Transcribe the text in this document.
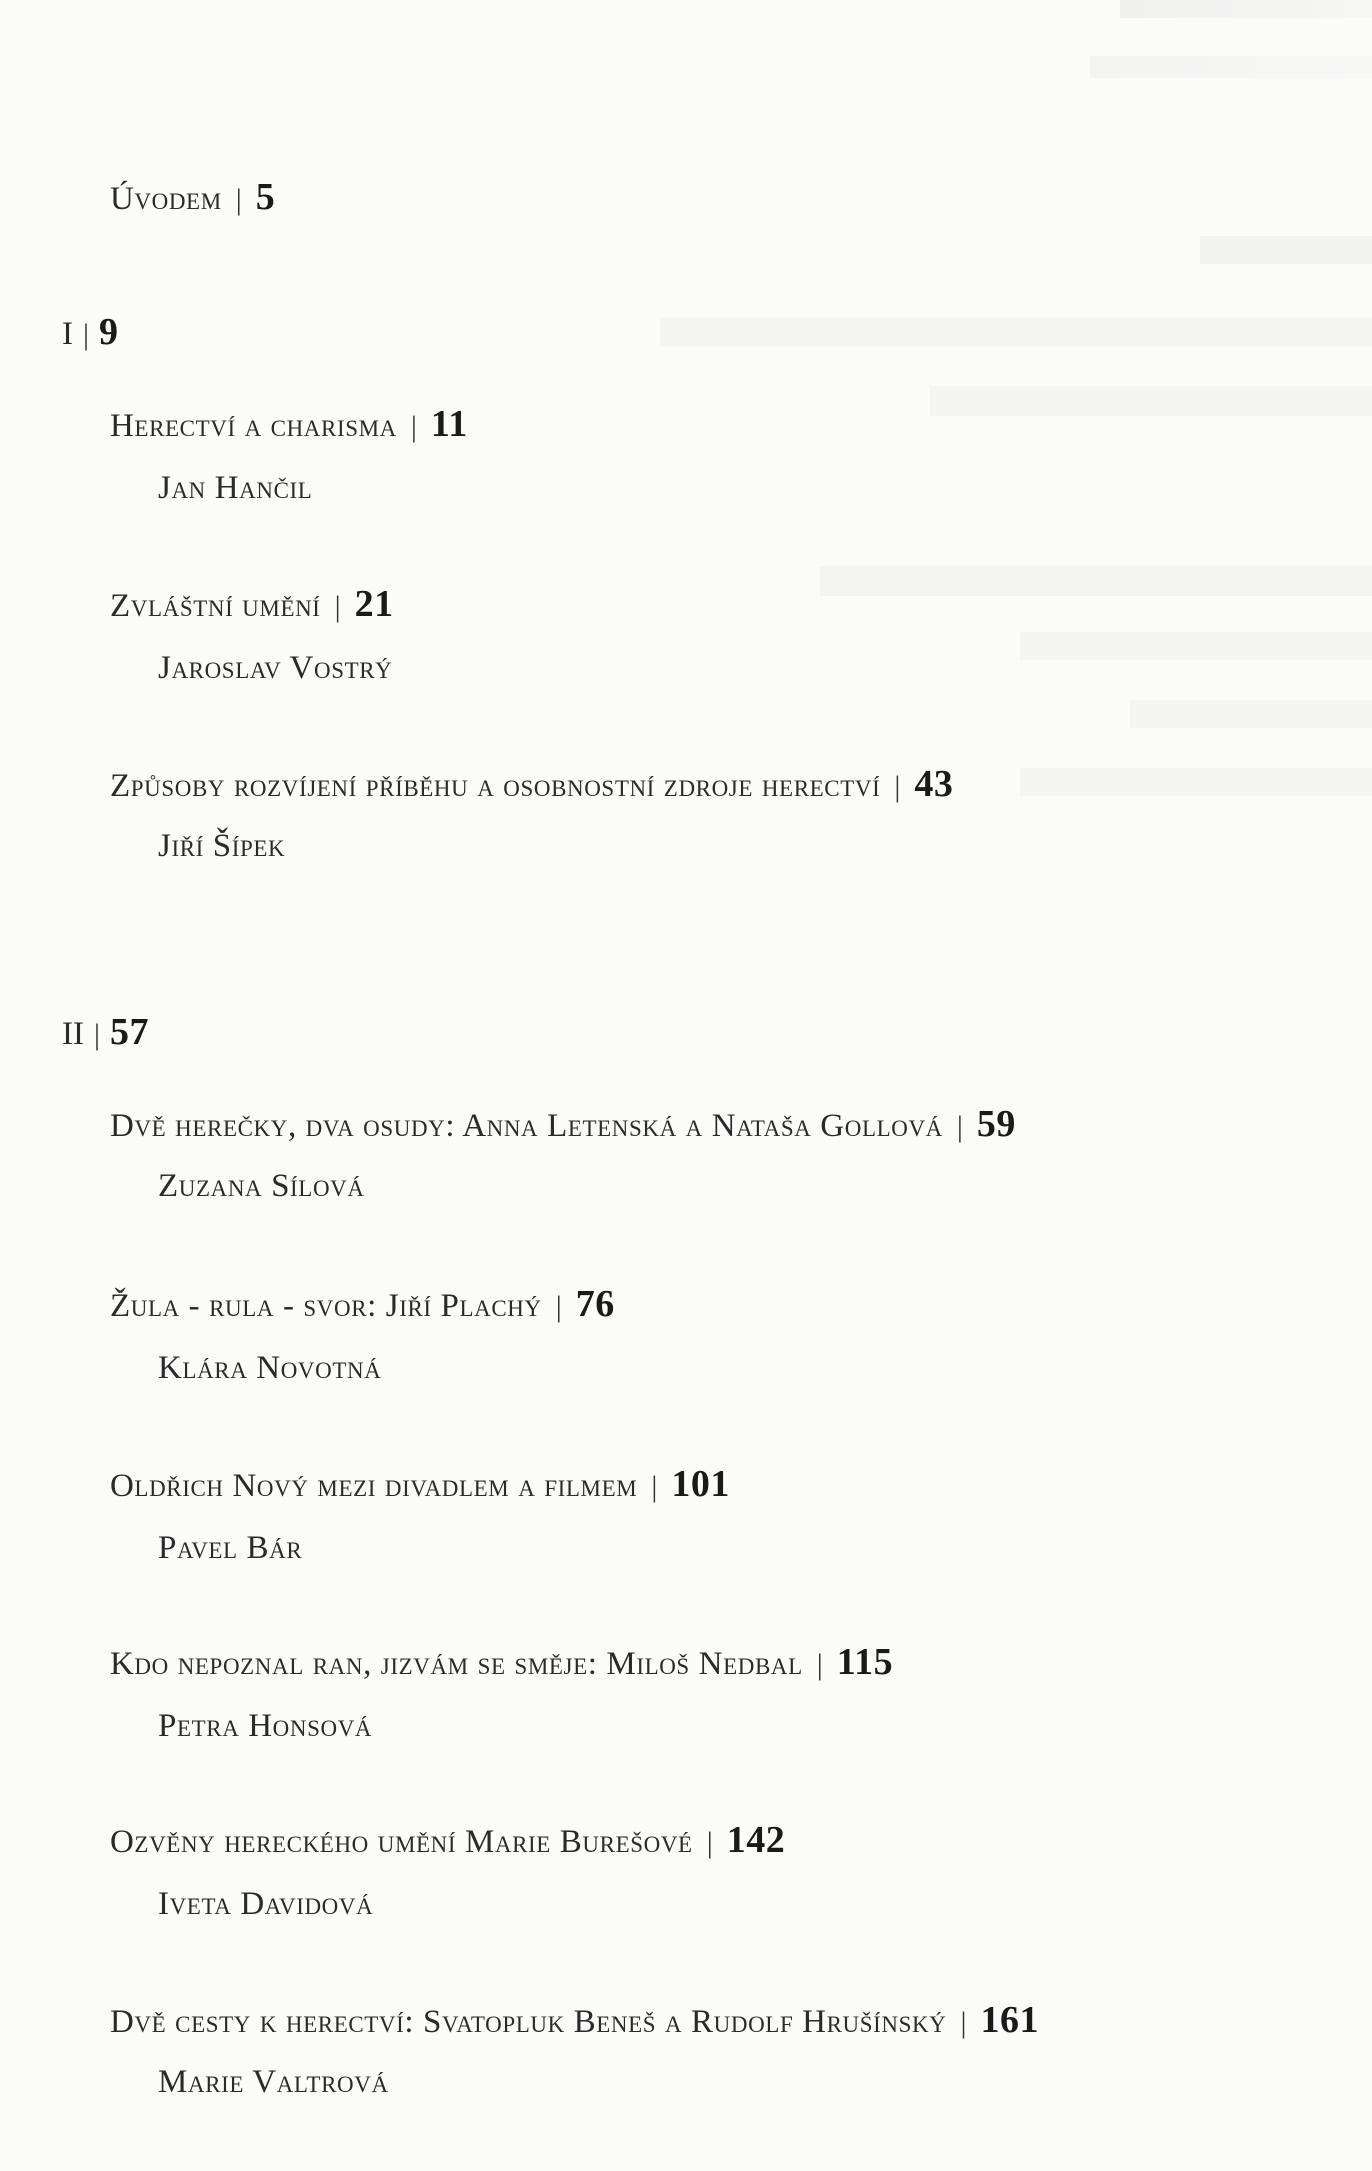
Úvodem | 5
I | 9
Herectví a charisma | 11
Jan Hančil
Zvláštní umění | 21
Jaroslav Vostrý
Způsoby rozvíjení příběhu a osobnostní zdroje herectví | 43
Jiří Šípek
II | 57
Dvě herečky, dva osudy: Anna Letenská a Nataša Gollová | 59
Zuzana Sílová
Žula - rula - svor: Jiří Plachý | 76
Klára Novotná
Oldřich Nový mezi divadlem a filmem | 101
Pavel Bár
Kdo nepoznal ran, jizvám se směje: Miloš Nedbal | 115
Petra Honsová
Ozvěny hereckého umění Marie Burešové | 142
Iveta Davidová
Dvě cesty k herectví: Svatopluk Beneš a Rudolf Hrušínský | 161
Marie Valtrová
